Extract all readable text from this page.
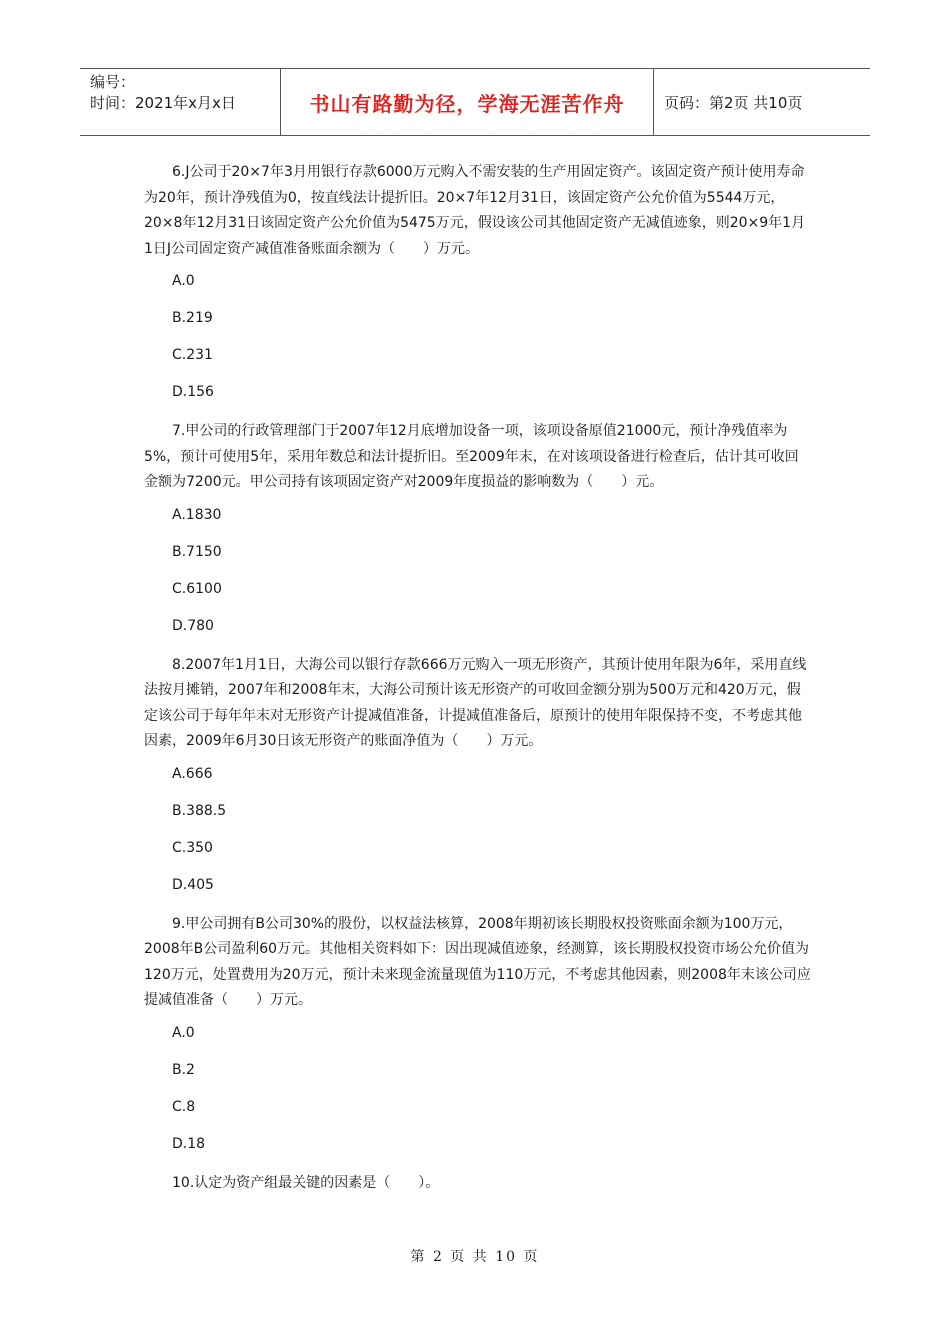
编号：
时间：2021年x月x日	书山有路勤为径，学海无涯苦作舟	页码：第2页 共10页

6.J公司于20×7年3月用银行存款6000万元购入不需安装的生产用固定资产。该固定资产预计使用寿命为20年，预计净残值为0，按直线法计提折旧。20×7年12月31日，该固定资产公允价值为5544万元，20×8年12月31日该固定资产公允价值为5475万元，假设该公司其他固定资产无减值迹象，则20×9年1月1日J公司固定资产减值准备账面余额为（　　）万元。

A.0
B.219
C.231
D.156

7.甲公司的行政管理部门于2007年12月底增加设备一项，该项设备原值21000元，预计净残值率为5%，预计可使用5年，采用年数总和法计提折旧。至2009年末，在对该项设备进行检查后，估计其可收回金额为7200元。甲公司持有该项固定资产对2009年度损益的影响数为（　　）元。

A.1830
B.7150
C.6100
D.780

8.2007年1月1日，大海公司以银行存款666万元购入一项无形资产，其预计使用年限为6年，采用直线法按月摊销，2007年和2008年末，大海公司预计该无形资产的可收回金额分别为500万元和420万元，假定该公司于每年年末对无形资产计提减值准备，计提减值准备后，原预计的使用年限保持不变，不考虑其他因素，2009年6月30日该无形资产的账面净值为（　　）万元。

A.666
B.388.5
C.350
D.405

9.甲公司拥有B公司30%的股份，以权益法核算，2008年期初该长期股权投资账面余额为100万元，2008年B公司盈利60万元。其他相关资料如下：因出现减值迹象，经测算，该长期股权投资市场公允价值为120万元，处置费用为20万元，预计未来现金流量现值为110万元，不考虑其他因素，则2008年末该公司应提减值准备（　　）万元。

A.0
B.2
C.8
D.18

10.认定为资产组最关键的因素是（　　）。

第 2 页 共 10 页
